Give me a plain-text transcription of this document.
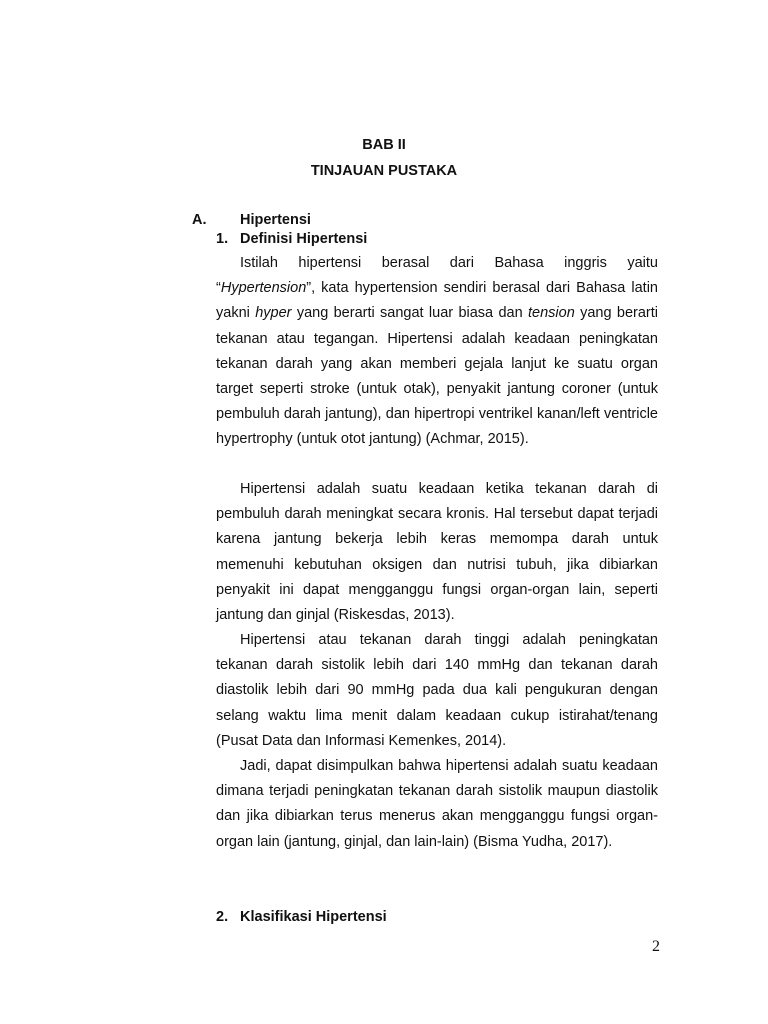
BAB II
TINJAUAN PUSTAKA
A. Hipertensi
1. Definisi Hipertensi

Istilah hipertensi berasal dari Bahasa inggris yaitu “Hypertension”, kata hypertension sendiri berasal dari Bahasa latin yakni hyper yang berarti sangat luar biasa dan tension yang berarti tekanan atau tegangan. Hipertensi adalah keadaan peningkatan tekanan darah yang akan memberi gejala lanjut ke suatu organ target seperti stroke (untuk otak), penyakit jantung coroner (untuk pembuluh darah jantung), dan hipertropi ventrikel kanan/left ventricle hypertrophy (untuk otot jantung) (Achmar, 2015).

Hipertensi adalah suatu keadaan ketika tekanan darah di pembuluh darah meningkat secara kronis. Hal tersebut dapat terjadi karena jantung bekerja lebih keras memompa darah untuk memenuhi kebutuhan oksigen dan nutrisi tubuh, jika dibiarkan penyakit ini dapat mengganggu fungsi organ-organ lain, seperti jantung dan ginjal (Riskesdas, 2013).

Hipertensi atau tekanan darah tinggi adalah peningkatan tekanan darah sistolik lebih dari 140 mmHg dan tekanan darah diastolik lebih dari 90 mmHg pada dua kali pengukuran dengan selang waktu lima menit dalam keadaan cukup istirahat/tenang (Pusat Data dan Informasi Kemenkes, 2014).

Jadi, dapat disimpulkan bahwa hipertensi adalah suatu keadaan dimana terjadi peningkatan tekanan darah sistolik maupun diastolik dan jika dibiarkan terus menerus akan mengganggu fungsi organ-organ lain (jantung, ginjal, dan lain-lain) (Bisma Yudha, 2017).

2. Klasifikasi Hipertensi
2
